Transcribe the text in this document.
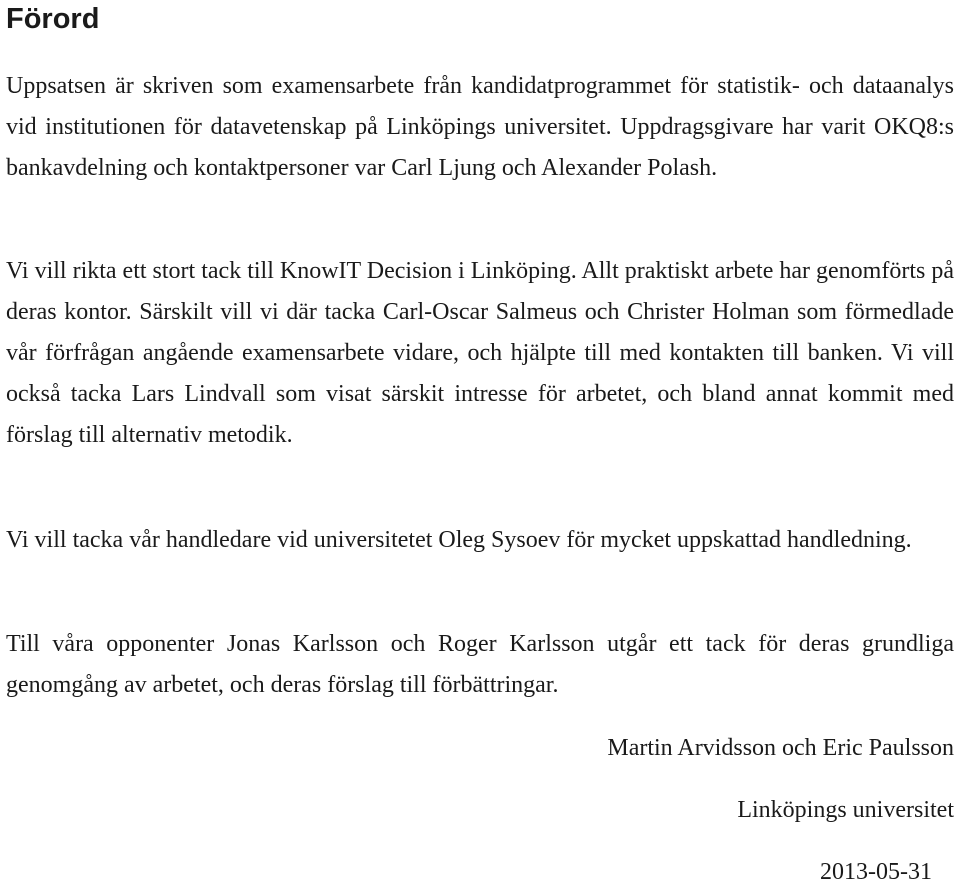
Förord

Uppsatsen är skriven som examensarbete från kandidatprogrammet för statistik- och dataanalys vid institutionen för datavetenskap på Linköpings universitet. Uppdragsgivare har varit OKQ8:s bankavdelning och kontaktpersoner var Carl Ljung och Alexander Polash.

Vi vill rikta ett stort tack till KnowIT Decision i Linköping. Allt praktiskt arbete har genomförts på deras kontor. Särskilt vill vi där tacka Carl-Oscar Salmeus och Christer Holman som förmedlade vår förfrågan angående examensarbete vidare, och hjälpte till med kontakten till banken. Vi vill också tacka Lars Lindvall som visat särskit intresse för arbetet, och bland annat kommit med förslag till alternativ metodik.

Vi vill tacka vår handledare vid universitetet Oleg Sysoev för mycket uppskattad handledning.

Till våra opponenter Jonas Karlsson och Roger Karlsson utgår ett tack för deras grundliga genomgång av arbetet, och deras förslag till förbättringar.

Martin Arvidsson och Eric Paulsson

Linköpings universitet

2013-05-31
